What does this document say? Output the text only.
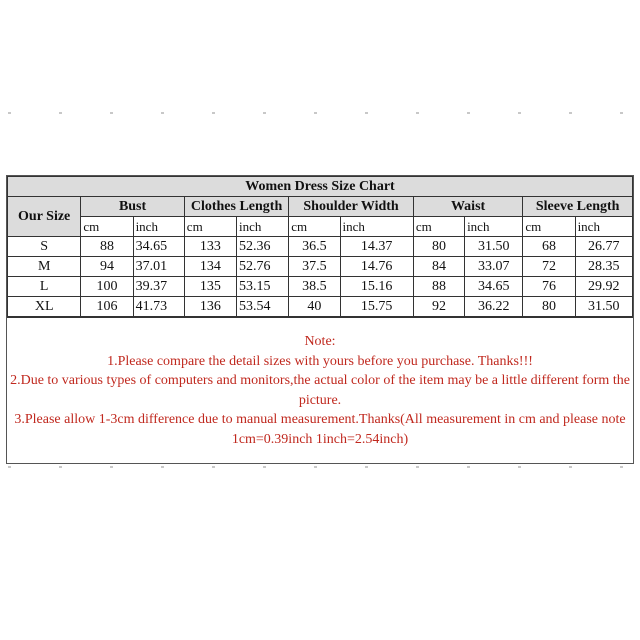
Women Dress Size Chart										
Our Size	Bust		Clothes Length		Shoulder Width		Waist		Sleeve Length	
	cm	inch	cm	inch	cm	inch	cm	inch	cm	inch
S	88	34.65	133	52.36	36.5	14.37	80	31.50	68	26.77
M	94	37.01	134	52.76	37.5	14.76	84	33.07	72	28.35
L	100	39.37	135	53.15	38.5	15.16	88	34.65	76	29.92
XL	106	41.73	136	53.54	40	15.75	92	36.22	80	31.50
Note:
1.Please compare the detail sizes with yours before you purchase. Thanks!!!
2.Due to various types of computers and monitors,the actual color of the item may be a little different form the picture.
3.Please allow 1-3cm difference due to manual measurement.Thanks(All measurement in cm and please note 1cm=0.39inch 1inch=2.54inch)
